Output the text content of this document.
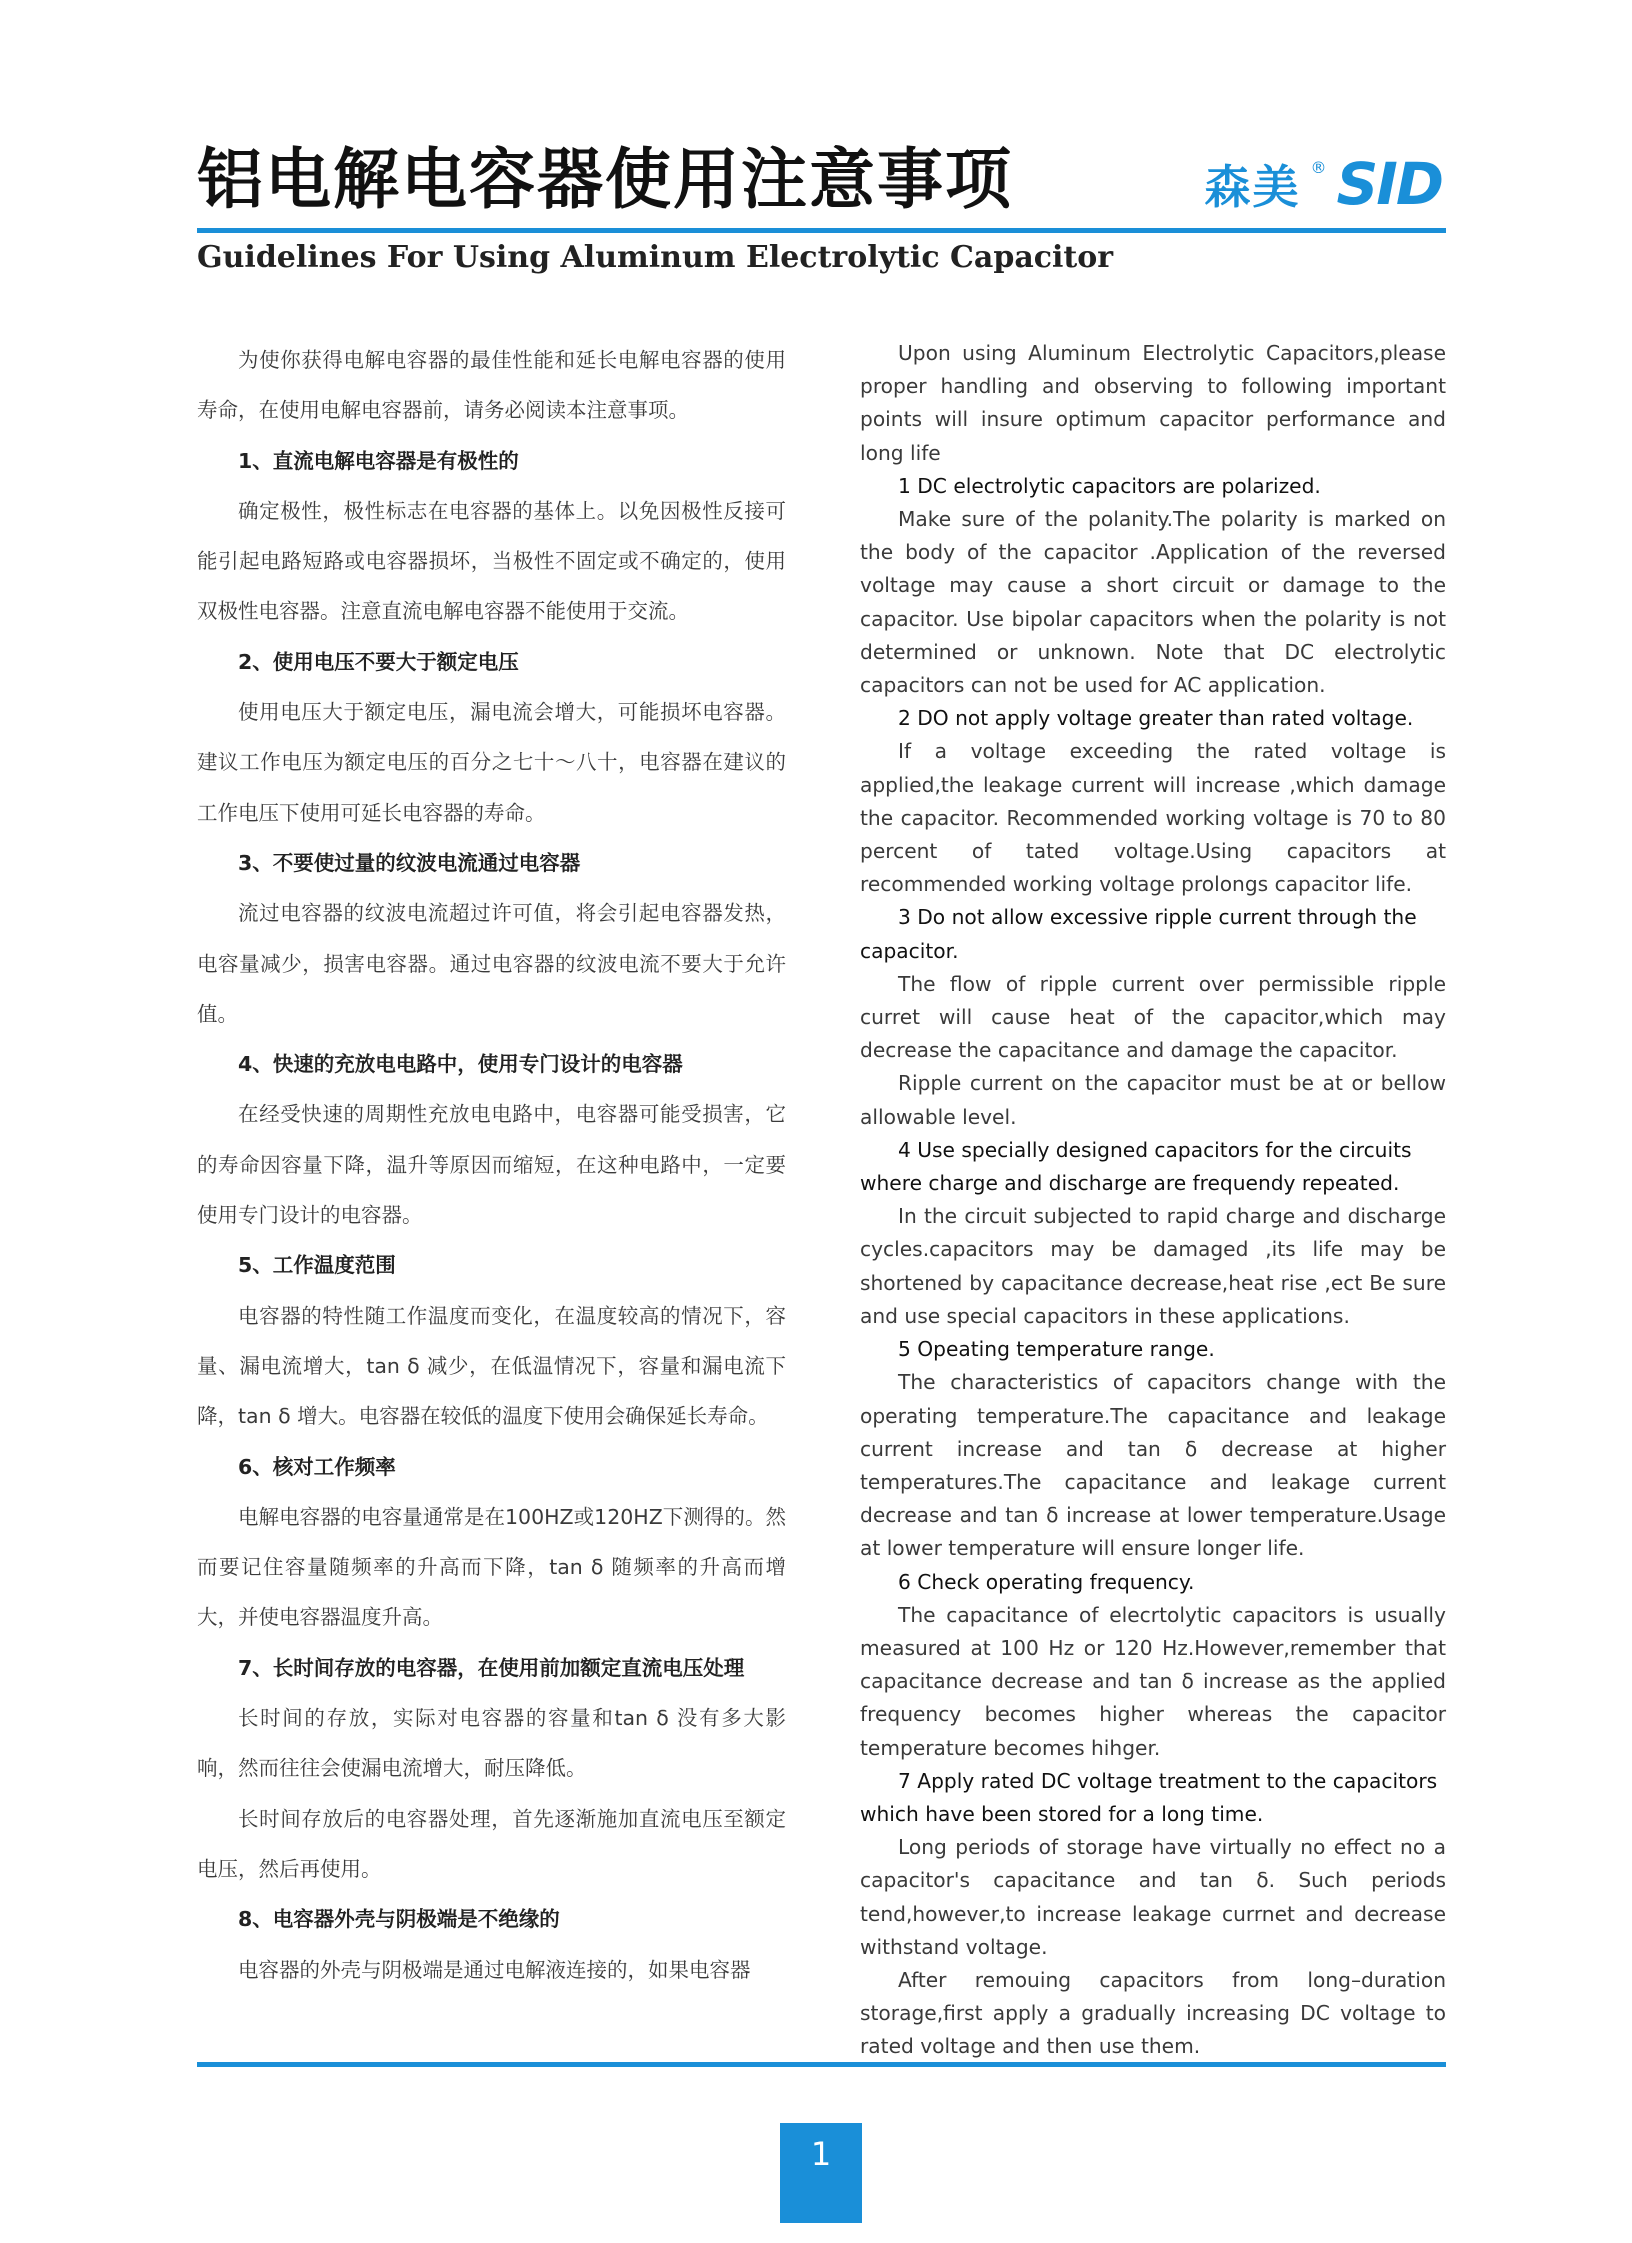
铝电解电容器使用注意事项	森美 ® SID
Guidelines For Using Aluminum Electrolytic Capacitor

为使你获得电解电容器的最佳性能和延长电解电容器的使用寿命，在使用电解电容器前，请务必阅读本注意事项。

1、直流电解电容器是有极性的

确定极性，极性标志在电容器的基体上。以免因极性反接可能引起电路短路或电容器损坏，当极性不固定或不确定的，使用双极性电容器。注意直流电解电容器不能使用于交流。

2、使用电压不要大于额定电压

使用电压大于额定电压，漏电流会增大，可能损坏电容器。建议工作电压为额定电压的百分之七十～八十，电容器在建议的工作电压下使用可延长电容器的寿命。

3、不要使过量的纹波电流通过电容器

流过电容器的纹波电流超过许可值，将会引起电容器发热，电容量减少，损害电容器。通过电容器的纹波电流不要大于允许值。

4、快速的充放电电路中，使用专门设计的电容器

在经受快速的周期性充放电电路中，电容器可能受损害，它的寿命因容量下降，温升等原因而缩短，在这种电路中，一定要使用专门设计的电容器。

5、工作温度范围

电容器的特性随工作温度而变化，在温度较高的情况下，容量、漏电流增大，tan δ 减少，在低温情况下，容量和漏电流下降，tan δ 增大。电容器在较低的温度下使用会确保延长寿命。

6、核对工作频率

电解电容器的电容量通常是在100HZ或120HZ下测得的。然而要记住容量随频率的升高而下降，tan δ 随频率的升高而增大，并使电容器温度升高。

7、长时间存放的电容器，在使用前加额定直流电压处理

长时间的存放，实际对电容器的容量和tan δ 没有多大影响，然而往往会使漏电流增大，耐压降低。

长时间存放后的电容器处理，首先逐渐施加直流电压至额定电压，然后再使用。

8、电容器外壳与阴极端是不绝缘的

电容器的外壳与阴极端是通过电解液连接的，如果电容器

Upon using Aluminum Electrolytic Capacitors,please proper handling and observing to following important points will insure optimum capacitor performance and long life

1 DC electrolytic capacitors are polarized.

Make sure of the polanity.The polarity is marked on the body of the capacitor .Application of the reversed voltage may cause a short circuit or damage to the capacitor. Use bipolar capacitors when the polarity is not determined or unknown. Note that DC electrolytic capacitors can not be used for AC application.

2 DO not apply voltage greater than rated voltage.

If a voltage exceeding the rated voltage is applied,the leakage current will increase ,which damage the capacitor. Recommended working voltage is 70 to 80 percent of tated voltage.Using capacitors at recommended working voltage prolongs capacitor life.

3 Do not allow excessive ripple current through the capacitor.

The flow of ripple current over permissible ripple curret will cause heat of the capacitor,which may decrease the capacitance and damage the capacitor.

Ripple current on the capacitor must be at or bellow allowable level.

4 Use specially designed capacitors for the circuits where charge and discharge are frequendy repeated.

In the circuit subjected to rapid charge and discharge cycles.capacitors may be damaged ,its life may be shortened by capacitance decrease,heat rise ,ect Be sure and use special capacitors in these applications.

5 Opeating temperature range.

The characteristics of capacitors change with the operating temperature.The capacitance and leakage current increase and tan δ decrease at higher temperatures.The capacitance and leakage current decrease and tan δ increase at lower temperature.Usage at lower temperature will ensure longer life.

6 Check operating frequency.

The capacitance of elecrtolytic capacitors is usually measured at 100 Hz or 120 Hz.However,remember that capacitance decrease and tan δ increase as the applied frequency becomes higher whereas the capacitor temperature becomes hihger.

7 Apply rated DC voltage treatment to the capacitors which have been stored for a long time.

Long periods of storage have virtually no effect no a capacitor's capacitance and tan δ. Such periods tend,however,to increase leakage currnet and decrease withstand voltage.

After remouing capacitors from long–duration storage,first apply a gradually increasing DC voltage to rated voltage and then use them.

1
